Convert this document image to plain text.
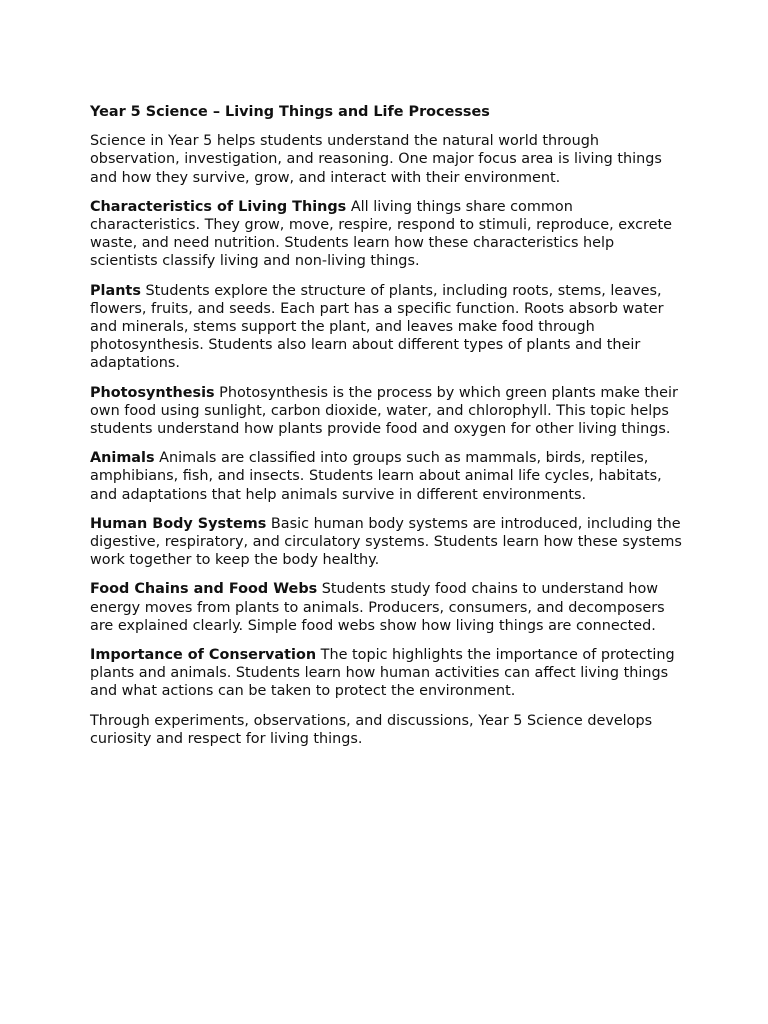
Year 5 Science – Living Things and Life Processes

Science in Year 5 helps students understand the natural world through observation, investigation, and reasoning. One major focus area is living things and how they survive, grow, and interact with their environment.

Characteristics of Living Things All living things share common characteristics. They grow, move, respire, respond to stimuli, reproduce, excrete waste, and need nutrition. Students learn how these characteristics help scientists classify living and non-living things.

Plants Students explore the structure of plants, including roots, stems, leaves, flowers, fruits, and seeds. Each part has a specific function. Roots absorb water and minerals, stems support the plant, and leaves make food through photosynthesis. Students also learn about different types of plants and their adaptations.

Photosynthesis Photosynthesis is the process by which green plants make their own food using sunlight, carbon dioxide, water, and chlorophyll. This topic helps students understand how plants provide food and oxygen for other living things.

Animals Animals are classified into groups such as mammals, birds, reptiles, amphibians, fish, and insects. Students learn about animal life cycles, habitats, and adaptations that help animals survive in different environments.

Human Body Systems Basic human body systems are introduced, including the digestive, respiratory, and circulatory systems. Students learn how these systems work together to keep the body healthy.

Food Chains and Food Webs Students study food chains to understand how energy moves from plants to animals. Producers, consumers, and decomposers are explained clearly. Simple food webs show how living things are connected.

Importance of Conservation The topic highlights the importance of protecting plants and animals. Students learn how human activities can affect living things and what actions can be taken to protect the environment.

Through experiments, observations, and discussions, Year 5 Science develops curiosity and respect for living things.
